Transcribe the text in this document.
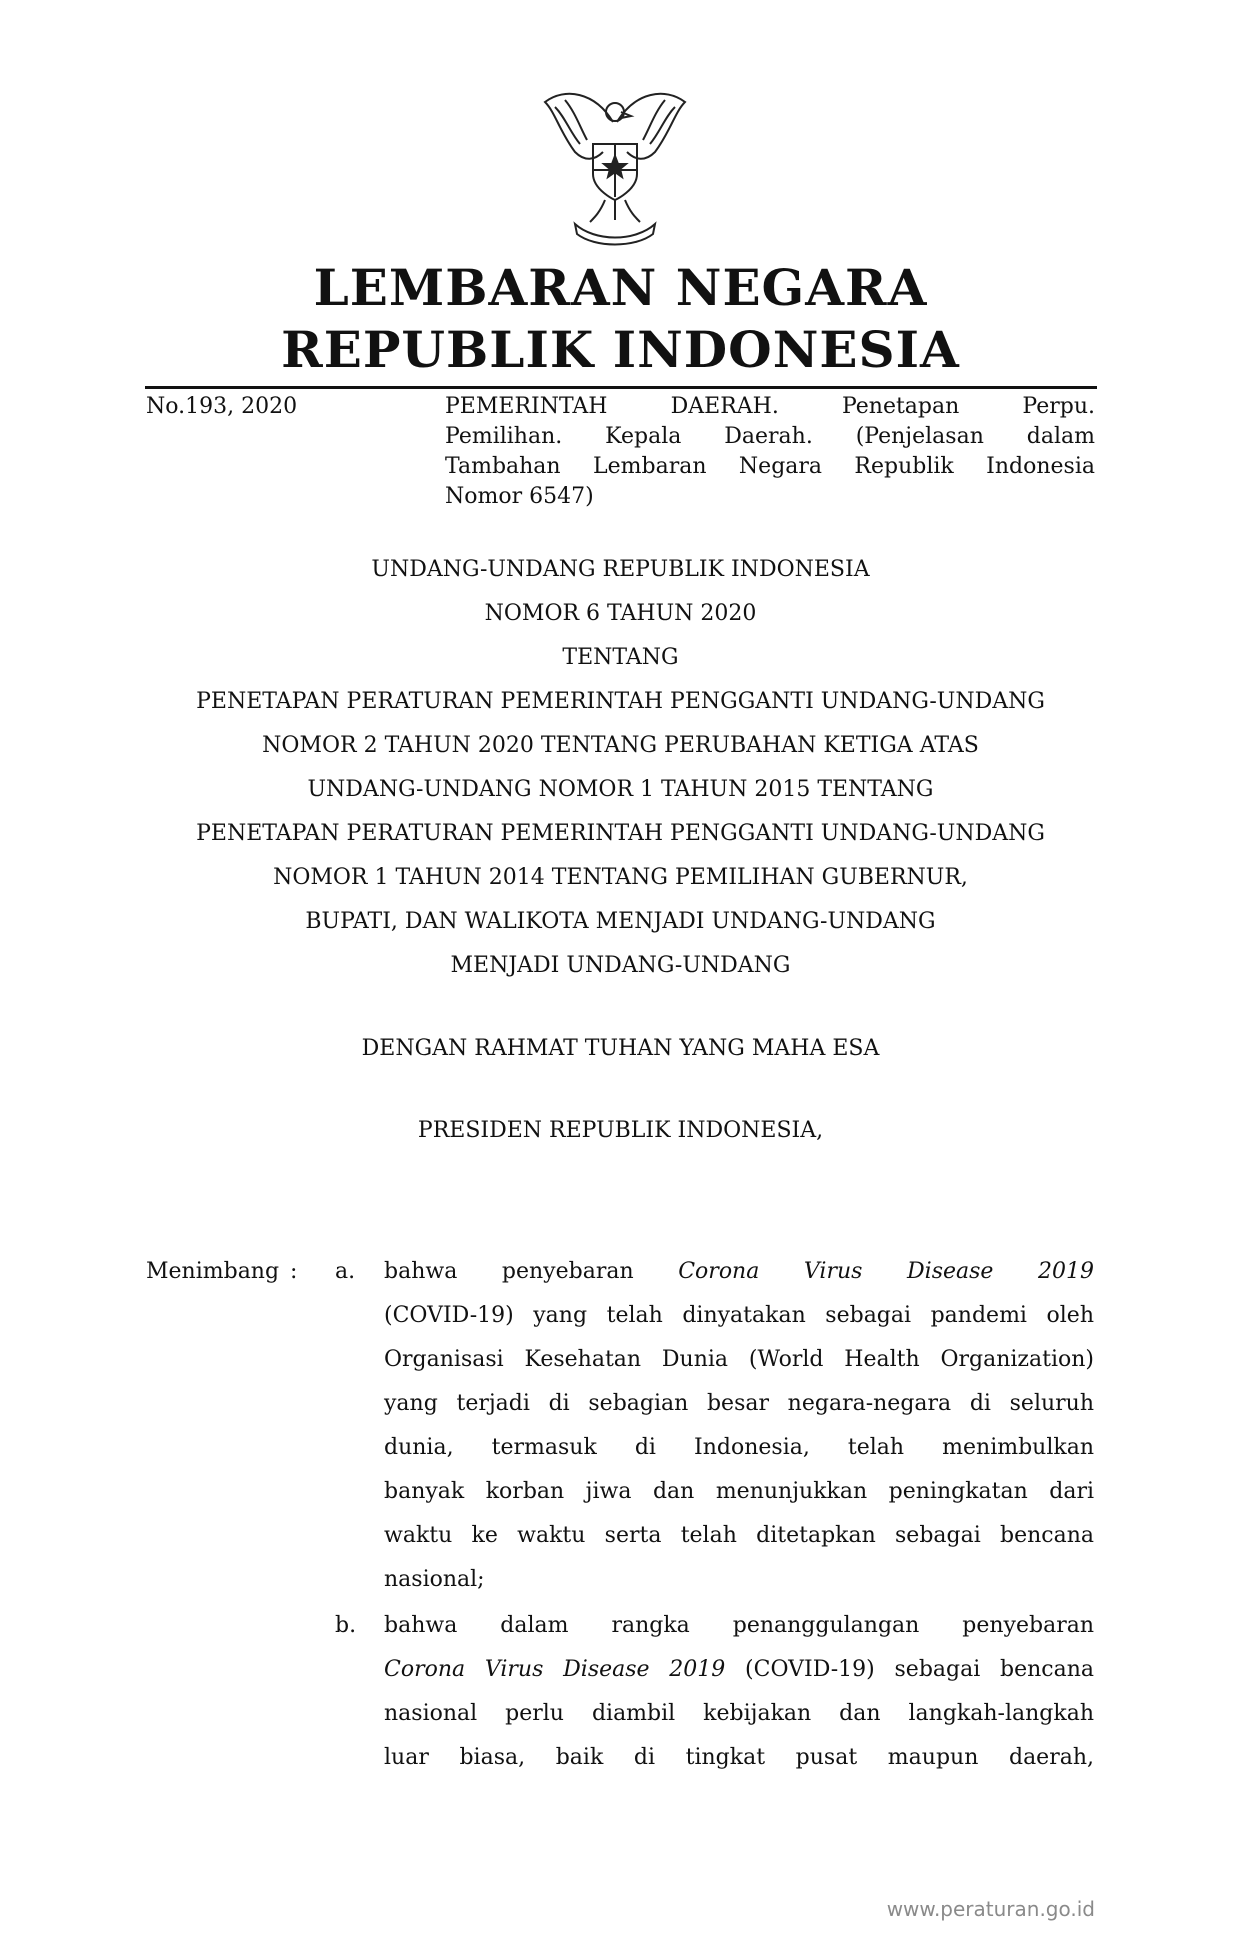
LEMBARAN NEGARA
REPUBLIK INDONESIA
No.193, 2020	PEMERINTAH DAERAH. Penetapan Perpu.
Pemilihan. Kepala Daerah. (Penjelasan dalam
Tambahan Lembaran Negara Republik Indonesia
Nomor 6547)
UNDANG-UNDANG REPUBLIK INDONESIA
NOMOR 6 TAHUN 2020
TENTANG
PENETAPAN PERATURAN PEMERINTAH PENGGANTI UNDANG-UNDANG
NOMOR 2 TAHUN 2020 TENTANG PERUBAHAN KETIGA ATAS
UNDANG-UNDANG NOMOR 1 TAHUN 2015 TENTANG
PENETAPAN PERATURAN PEMERINTAH PENGGANTI UNDANG-UNDANG
NOMOR 1 TAHUN 2014 TENTANG PEMILIHAN GUBERNUR,
BUPATI, DAN WALIKOTA MENJADI UNDANG-UNDANG
MENJADI UNDANG-UNDANG
DENGAN RAHMAT TUHAN YANG MAHA ESA
PRESIDEN REPUBLIK INDONESIA,
Menimbang : a. bahwa penyebaran Corona Virus Disease 2019
(COVID-19) yang telah dinyatakan sebagai pandemi oleh
Organisasi Kesehatan Dunia (World Health Organization)
yang terjadi di sebagian besar negara-negara di seluruh
dunia, termasuk di Indonesia, telah menimbulkan
banyak korban jiwa dan menunjukkan peningkatan dari
waktu ke waktu serta telah ditetapkan sebagai bencana
nasional;
b. bahwa dalam rangka penanggulangan penyebaran
Corona Virus Disease 2019 (COVID-19) sebagai bencana
nasional perlu diambil kebijakan dan langkah-langkah
luar biasa, baik di tingkat pusat maupun daerah,
www.peraturan.go.id
